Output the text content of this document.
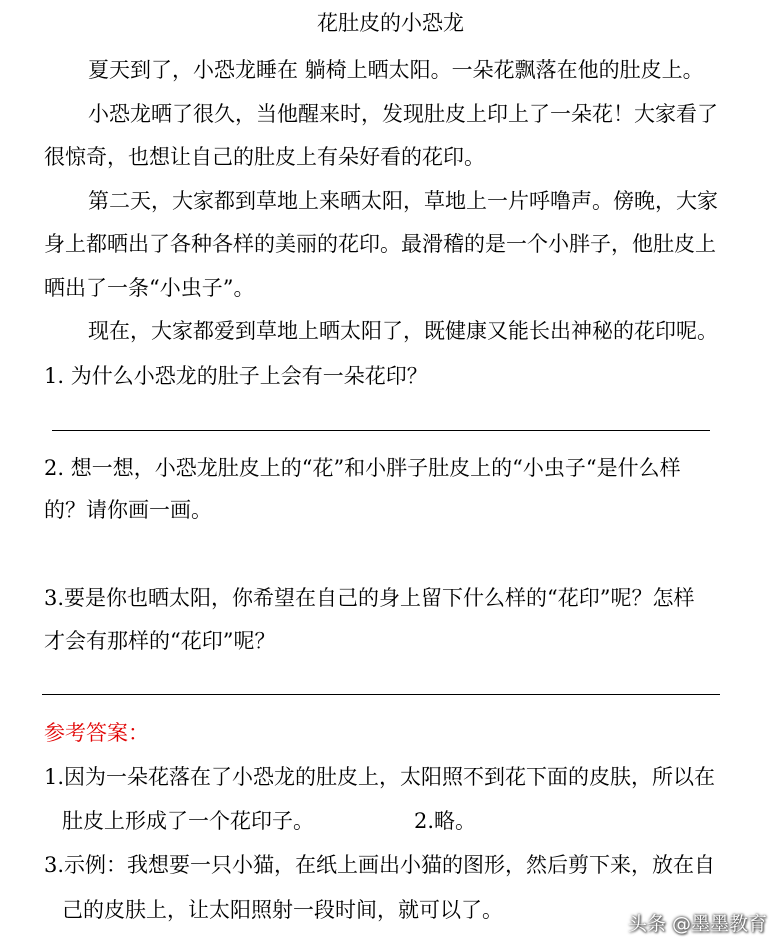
花肚皮的小恐龙
夏天到了，小恐龙睡在 躺椅上晒太阳。一朵花飘落在他的肚皮上。
小恐龙晒了很久，当他醒来时，发现肚皮上印上了一朵花！大家看了
很惊奇，也想让自己的肚皮上有朵好看的花印。
第二天，大家都到草地上来晒太阳，草地上一片呼噜声。傍晚，大家
身上都晒出了各种各样的美丽的花印。最滑稽的是一个小胖子，他肚皮上
晒出了一条“小虫子”。
现在，大家都爱到草地上晒太阳了，既健康又能长出神秘的花印呢。
1. 为什么小恐龙的肚子上会有一朵花印？
2. 想一想，小恐龙肚皮上的“花”和小胖子肚皮上的“小虫子“是什么样
的？请你画一画。
3.要是你也晒太阳，你希望在自己的身上留下什么样的“花印”呢？怎样
才会有那样的“花印”呢？
参考答案：
1.因为一朵花落在了小恐龙的肚皮上，太阳照不到花下面的皮肤，所以在
肚皮上形成了一个花印子。	2.略。
3.示例：我想要一只小猫，在纸上画出小猫的图形，然后剪下来，放在自
己的皮肤上，让太阳照射一段时间，就可以了。
头条 @墨墨教育
